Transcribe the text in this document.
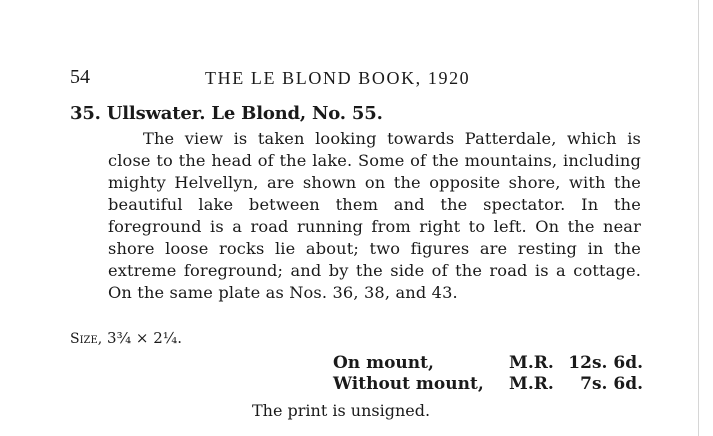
54	THE LE BLOND BOOK, 1920
35. Ullswater. Le Blond, No. 55.

The view is taken looking towards Patterdale, which is close to the head of the lake. Some of the mountains, including mighty Helvellyn, are shown on the opposite shore, with the beautiful lake between them and the spectator. In the foreground is a road running from right to left. On the near shore loose rocks lie about; two figures are resting in the extreme foreground; and by the side of the road is a cottage. On the same plate as Nos. 36, 38, and 43.

Size, 3¾ × 2¼.
On mount,	M.R. 12s. 6d.
Without mount, M.R. 7s. 6d.
The print is unsigned.
